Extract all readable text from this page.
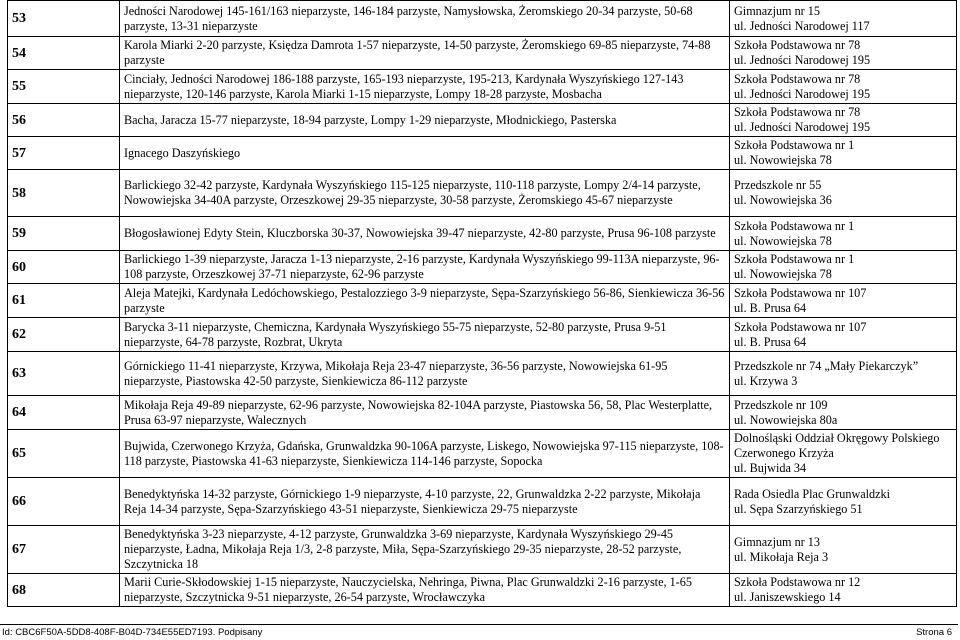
53	Jedności Narodowej 145-161/163 nieparzyste, 146-184 parzyste, Namysłowska, Żeromskiego 20-34 parzyste, 50-68 parzyste, 13-31 nieparzyste	Gimnazjum nr 15
ul. Jedności Narodowej 117

54	Karola Miarki 2-20 parzyste, Księdza Damrota 1-57 nieparzyste, 14-50 parzyste, Żeromskiego 69-85 nieparzyste, 74-88 parzyste	Szkoła Podstawowa nr 78
ul. Jedności Narodowej 195

55	Cinciały, Jedności Narodowej 186-188 parzyste, 165-193 nieparzyste, 195-213, Kardynała Wyszyńskiego 127-143 nieparzyste, 120-146 parzyste, Karola Miarki 1-15 nieparzyste, Lompy 18-28 parzyste, Mosbacha	Szkoła Podstawowa nr 78
ul. Jedności Narodowej 195

56	Bacha, Jaracza 15-77 nieparzyste, 18-94 parzyste, Lompy 1-29 nieparzyste, Młodnickiego, Pasterska	Szkoła Podstawowa nr 78
ul. Jedności Narodowej 195

57	Ignacego Daszyńskiego	Szkoła Podstawowa nr 1
ul. Nowowiejska 78

58	Barlickiego 32-42 parzyste, Kardynała Wyszyńskiego 115-125 nieparzyste, 110-118 parzyste, Lompy 2/4-14 parzyste, Nowowiejska 34-40A parzyste, Orzeszkowej 29-35 nieparzyste, 30-58 parzyste, Żeromskiego 45-67 nieparzyste	Przedszkole nr 55
ul. Nowowiejska 36

59	Błogosławionej Edyty Stein, Kluczborska 30-37, Nowowiejska 39-47 nieparzyste, 42-80 parzyste, Prusa 96-108 parzyste	Szkoła Podstawowa nr 1
ul. Nowowiejska 78

60	Barlickiego 1-39 nieparzyste, Jaracza 1-13 nieparzyste, 2-16 parzyste, Kardynała Wyszyńskiego 99-113A nieparzyste, 96-108 parzyste, Orzeszkowej 37-71 nieparzyste, 62-96 parzyste	Szkoła Podstawowa nr 1
ul. Nowowiejska 78

61	Aleja Matejki, Kardynała Ledóchowskiego, Pestalozziego 3-9 nieparzyste, Sępa-Szarzyńskiego 56-86, Sienkiewicza 36-56 parzyste	Szkoła Podstawowa nr 107
ul. B. Prusa 64

62	Barycka 3-11 nieparzyste, Chemiczna, Kardynała Wyszyńskiego 55-75 nieparzyste, 52-80 parzyste, Prusa 9-51 nieparzyste, 64-78 parzyste, Rozbrat, Ukryta	Szkoła Podstawowa nr 107
ul. B. Prusa 64

63	Górnickiego 11-41 nieparzyste, Krzywa, Mikołaja Reja 23-47 nieparzyste, 36-56 parzyste, Nowowiejska 61-95 nieparzyste, Piastowska 42-50 parzyste, Sienkiewicza 86-112 parzyste	Przedszkole nr 74 „Mały Piekarczyk”
ul. Krzywa 3

64	Mikołaja Reja 49-89 nieparzyste, 62-96 parzyste, Nowowiejska 82-104A parzyste, Piastowska 56, 58, Plac Westerplatte, Prusa 63-97 nieparzyste, Walecznych	Przedszkole nr 109
ul. Nowowiejska 80a

65	Bujwida, Czerwonego Krzyża, Gdańska, Grunwaldzka 90-106A parzyste, Liskego, Nowowiejska 97-115 nieparzyste, 108-118 parzyste, Piastowska 41-63 nieparzyste, Sienkiewicza 114-146 parzyste, Sopocka	Dolnośląski Oddział Okręgowy Polskiego Czerwonego Krzyża
ul. Bujwida 34

66	Benedyktyńska 14-32 parzyste, Górnickiego 1-9 nieparzyste, 4-10 parzyste, 22, Grunwaldzka 2-22 parzyste, Mikołaja Reja 14-34 parzyste, Sępa-Szarzyńskiego 43-51 nieparzyste, Sienkiewicza 29-75 nieparzyste	Rada Osiedla Plac Grunwaldzki
ul. Sępa Szarzyńskiego 51

67	Benedyktyńska 3-23 nieparzyste, 4-12 parzyste, Grunwaldzka 3-69 nieparzyste, Kardynała Wyszyńskiego 29-45 nieparzyste, Ładna, Mikołaja Reja 1/3, 2-8 parzyste, Miła, Sępa-Szarzyńskiego 29-35 nieparzyste, 28-52 parzyste, Szczytnicka 18	Gimnazjum nr 13
ul. Mikołaja Reja 3

68	Marii Curie-Skłodowskiej 1-15 nieparzyste, Nauczycielska, Nehringa, Piwna, Plac Grunwaldzki 2-16 parzyste, 1-65 nieparzyste, Szczytnicka 9-51 nieparzyste, 26-54 parzyste, Wrocławczyka	Szkoła Podstawowa nr 12
ul. Janiszewskiego 14
Id: CBC6F50A-5DD8-408F-B04D-734E55ED7193. Podpisany	Strona 6
